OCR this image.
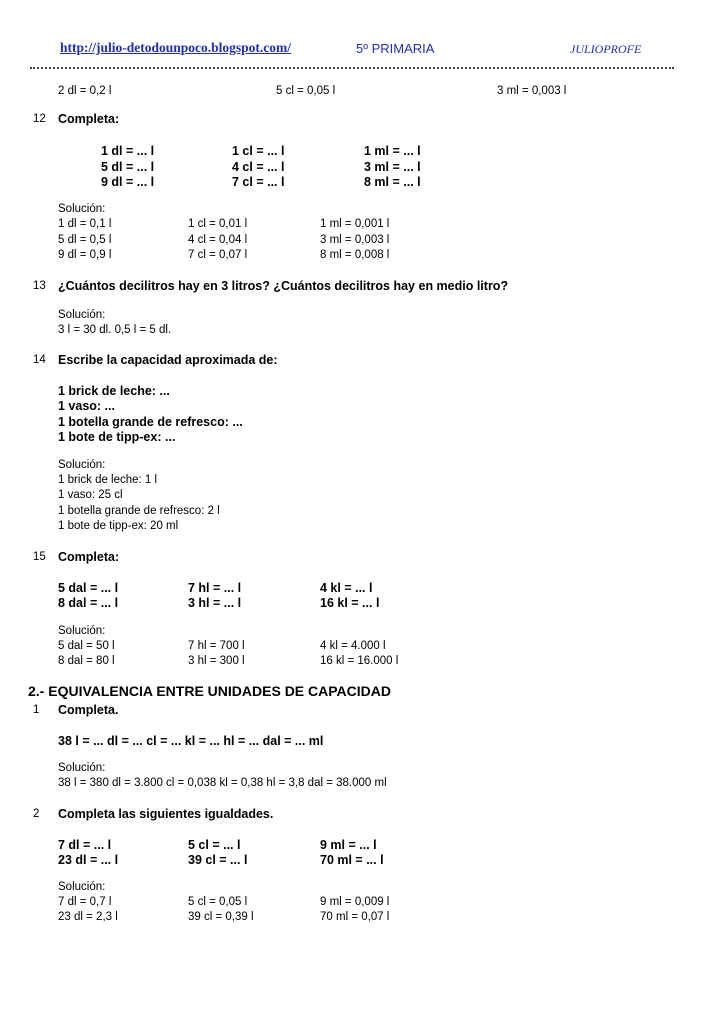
http://julio-detodounpoco.blogspot.com/	5º PRIMARIA	JULIOPROFE
2 dl = 0,2 l	5 cl = 0,05 l	3 ml = 0,003 l
12 Completa:
1 dl = ... l	1 cl = ... l	1 ml = ... l
5 dl = ... l	4 cl = ... l	3 ml = ... l
9 dl = ... l	7 cl = ... l	8 ml = ... l
Solución:
1 dl = 0,1 l	1 cl = 0,01 l	1 ml = 0,001 l
5 dl = 0,5 l	4 cl = 0,04 l	3 ml = 0,003 l
9 dl = 0,9 l	7 cl = 0,07 l	8 ml = 0,008 l
13 ¿Cuántos decilitros hay en 3 litros? ¿Cuántos decilitros hay en medio litro?
Solución:
3 l = 30 dl. 0,5 l = 5 dl.
14 Escribe la capacidad aproximada de:
1 brick de leche: ...
1 vaso: ...
1 botella grande de refresco: ...
1 bote de tipp-ex: ...
Solución:
1 brick de leche: 1 l
1 vaso: 25 cl
1 botella grande de refresco: 2 l
1 bote de tipp-ex: 20 ml
15 Completa:
5 dal = ... l	7 hl = ... l	4 kl = ... l
8 dal = ... l	3 hl = ... l	16 kl = ... l
Solución:
5 dal = 50 l	7 hl = 700 l	4 kl = 4.000 l
8 dal = 80 l	3 hl = 300 l	16 kl = 16.000 l
2.- EQUIVALENCIA ENTRE UNIDADES DE CAPACIDAD
1 Completa.
38 l = ... dl = ... cl = ... kl = ... hl = ... dal = ... ml
Solución:
38 l = 380 dl = 3.800 cl = 0,038 kl = 0,38 hl = 3,8 dal = 38.000 ml
2 Completa las siguientes igualdades.
7 dl = ... l	5 cl = ... l	9 ml = ... l
23 dl = ... l	39 cl = ... l	70 ml = ... l
Solución:
7 dl = 0,7 l	5 cl = 0,05 l	9 ml = 0,009 l
23 dl = 2,3 l	39 cl = 0,39 l	70 ml = 0,07 l
